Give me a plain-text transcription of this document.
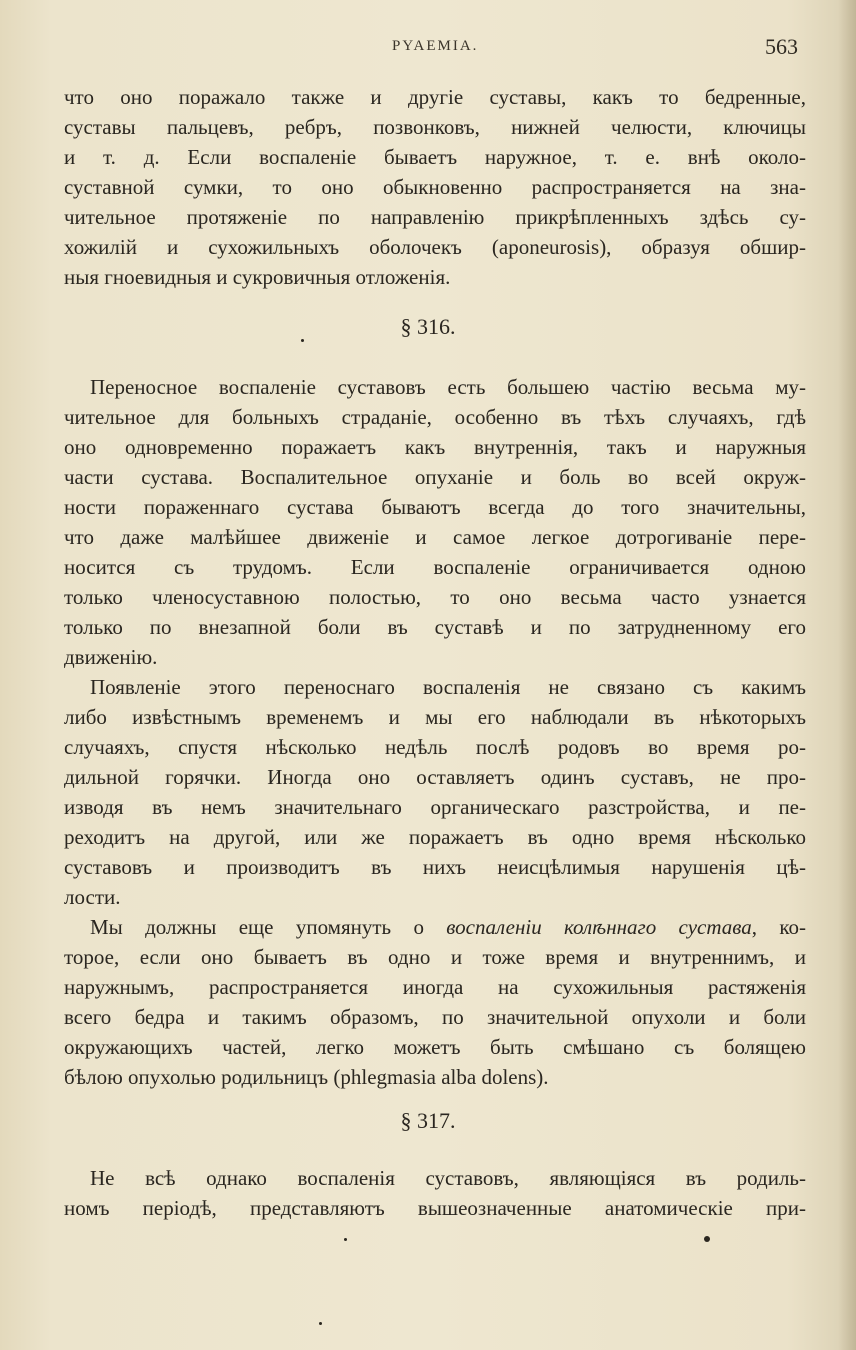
PYAEMIA.	563
что оно поражало также и другіе суставы, какъ то бедренные,
суставы пальцевъ, ребръ, позвонковъ, нижней челюсти, ключицы
и т. д. Если воспаленіе бываетъ наружное, т. е. внѣ около-
суставной сумки, то оно обыкновенно распространяется на зна-
чительное протяженіе по направленію прикрѣпленныхъ здѣсь су-
хожилій и сухожильныхъ оболочекъ (aponeurosis), образуя обшир-
ныя гноевидныя и сукровичныя отложенія.
§ 316.
Переносное воспаленіе суставовъ есть большею частію весьма му-
чительное для больныхъ страданіе, особенно въ тѣхъ случаяхъ, гдѣ
оно одновременно поражаетъ какъ внутреннія, такъ и наружныя
части сустава. Воспалительное опуханіе и боль во всей окруж-
ности пораженнаго сустава бываютъ всегда до того значительны,
что даже малѣйшее движеніе и самое легкое дотрогиваніе пере-
носится съ трудомъ. Если воспаленіе ограничивается одною
только членосуставною полостью, то оно весьма часто узнается
только по внезапной боли въ суставѣ и по затрудненному его
движенію.
Появленіе этого переноснаго воспаленія не связано съ какимъ
либо извѣстнымъ временемъ и мы его наблюдали въ нѣкоторыхъ
случаяхъ, спустя нѣсколько недѣль послѣ родовъ во время ро-
дильной горячки. Иногда оно оставляетъ одинъ суставъ, не про-
изводя въ немъ значительнаго органическаго разстройства, и пе-
реходитъ на другой, или же поражаетъ въ одно время нѣсколько
суставовъ и производитъ въ нихъ неисцѣлимыя нарушенія цѣ-
лости.
Мы должны еще упомянуть о воспаленіи колѣннаго сустава, ко-
торое, если оно бываетъ въ одно и тоже время и внутреннимъ, и
наружнымъ, распространяется иногда на сухожильныя растяженія
всего бедра и такимъ образомъ, по значительной опухоли и боли
окружающихъ частей, легко можетъ быть смѣшано съ болящею
бѣлою опухолью родильницъ (phlegmasia alba dolens).
§ 317.
Не всѣ однако воспаленія суставовъ, являющіяся въ родиль-
номъ періодѣ, представляютъ вышеозначенные анатомическіе при-
